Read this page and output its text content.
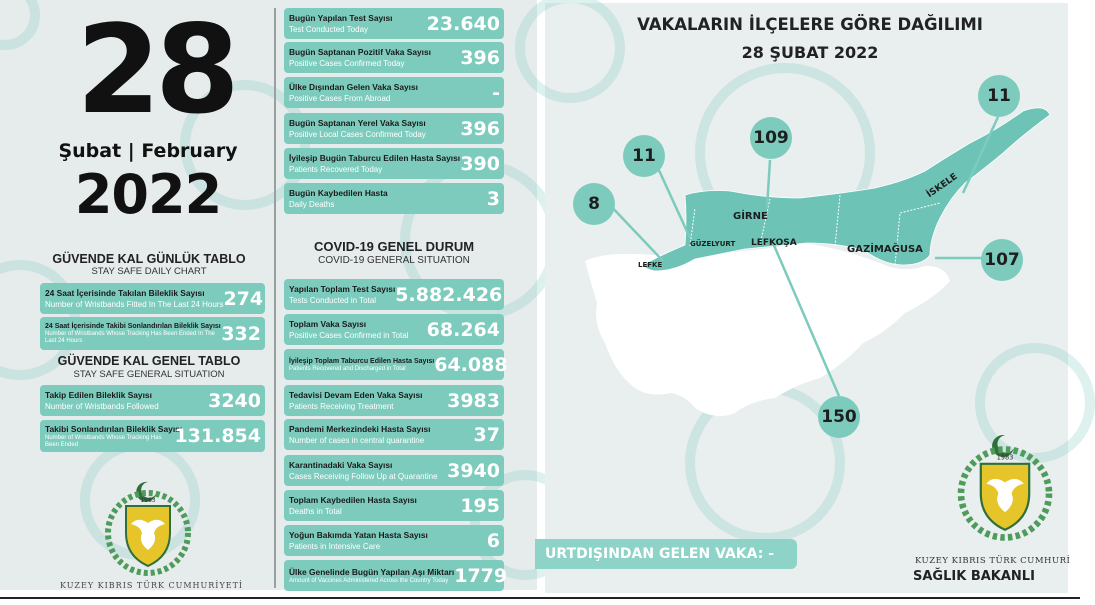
28
Şubat | February
2022
GÜVENDE KAL GÜNLÜK TABLO
STAY SAFE DAILY CHART
24 Saat İçerisinde Takılan Bileklik Sayısı
Number of Wristbands Fitted In The Last 24 Hours 274
24 Saat İçerisinde Takibi Sonlandırılan Bileklik Sayısı
Number of Wristbands Whose Tracking Has Been Ended In The Last 24 Hours	332
GÜVENDE KAL GENEL TABLO
STAY SAFE GENERAL SITUATION
Takip Edilen Bileklik Sayısı
Number of Wristbands Followed	3240
Takibi Sonlandırılan Bileklik Sayısı
Number of Wristbands Whose Tracking Has Been Ended	131.854
1983
KUZEY KIBRIS TÜRK CUMHURİYETİ
Bugün Yapılan Test Sayısı
Test Conducted Today	23.640
Bugün Saptanan Pozitif Vaka Sayısı
Positive Cases Confirmed Today	396
Ülke Dışından Gelen Vaka Sayısı
Positive Cases From Abroad	-
Bugün Saptanan Yerel Vaka Sayısı
Positive Local Cases Confirmed Today 396
İyileşip Bugün Taburcu Edilen Hasta Sayısı
Patients Recovered Today	390
Bugün Kaybedilen Hasta
Daily Deaths	3
COVID-19 GENEL DURUM
COVID-19 GENERAL SITUATION
Yapılan Toplam Test Sayısı
Tests Conducted in Total	5.882.426
Toplam Vaka Sayısı
Positive Cases Confirmed in Total 68.264
İyileşip Toplam Taburcu Edilen Hasta Sayısı
Patients Recovered and Discharged in Total	64.088
Tedavisi Devam Eden Vaka Sayısı
Patients Receiving Treatment	3983
Pandemi Merkezindeki Hasta Sayısı
Number of cases in central quarantine	37
Karantinadaki Vaka Sayısı
Cases Receiving Follow Up at Quarantine 3940
Toplam Kaybedilen Hasta Sayısı
Deaths in Total	195
Yoğun Bakımda Yatan Hasta Sayısı
Patients in Intensive Care	6
Ülke Genelinde Bugün Yapılan Aşı Miktarı
Amount of Vaccines Administered Across the Country Today 1779
VAKALARIN İLÇELERE GÖRE DAĞILIMI
28 ŞUBAT 2022
LEFKE
GÜZELYURT
GİRNE
LEFKOŞA
GAZİMAĞUSA
İSKELE
8
11
109
11
107
150
URTDIŞINDAN GELEN VAKA: -
1983
KUZEY KIBRIS TÜRK CUMHURİ
SAĞLIK BAKANLI
